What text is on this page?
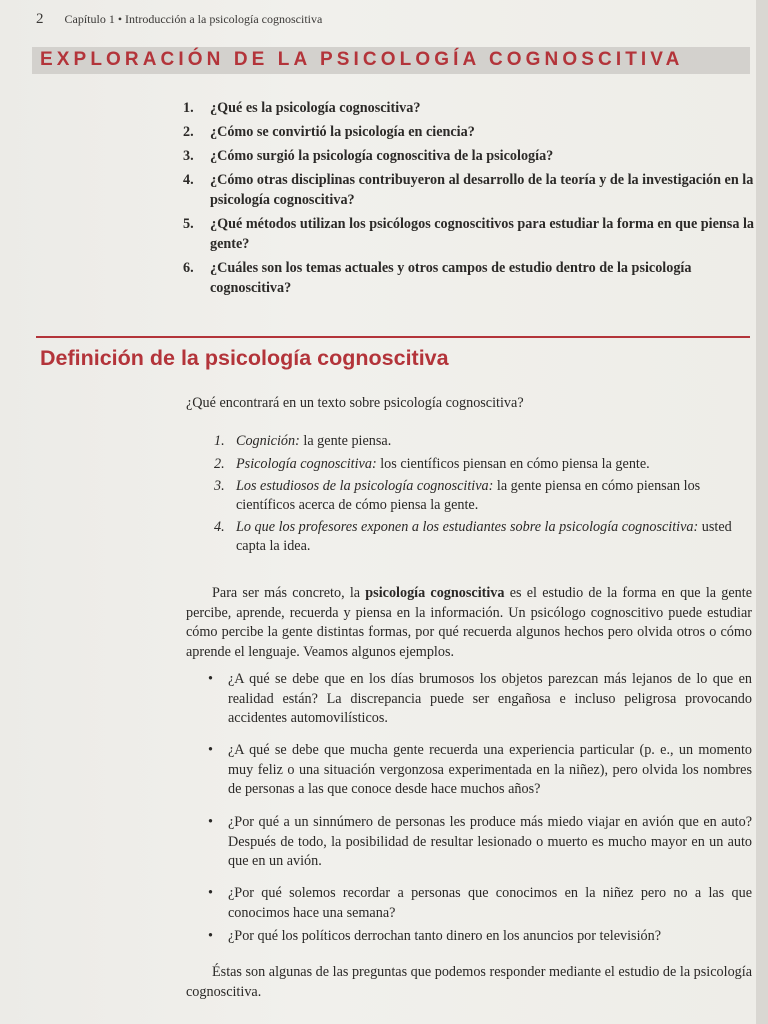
2 Capítulo 1 • Introducción a la psicología cognoscitiva
EXPLORACIÓN DE LA PSICOLOGÍA COGNOSCITIVA
1. ¿Qué es la psicología cognoscitiva?
2. ¿Cómo se convirtió la psicología en ciencia?
3. ¿Cómo surgió la psicología cognoscitiva de la psicología?
4. ¿Cómo otras disciplinas contribuyeron al desarrollo de la teoría y de la investigación en la psicología cognoscitiva?
5. ¿Qué métodos utilizan los psicólogos cognoscitivos para estudiar la forma en que piensa la gente?
6. ¿Cuáles son los temas actuales y otros campos de estudio dentro de la psicología cognoscitiva?
Definición de la psicología cognoscitiva
¿Qué encontrará en un texto sobre psicología cognoscitiva?
1. Cognición: la gente piensa.
2. Psicología cognoscitiva: los científicos piensan en cómo piensa la gente.
3. Los estudiosos de la psicología cognoscitiva: la gente piensa en cómo piensan los científicos acerca de cómo piensa la gente.
4. Lo que los profesores exponen a los estudiantes sobre la psicología cognoscitiva: usted capta la idea.

Para ser más concreto, la psicología cognoscitiva es el estudio de la forma en que la gente percibe, aprende, recuerda y piensa en la información. Un psicólogo cognoscitivo puede estudiar cómo percibe la gente distintas formas, por qué recuerda algunos hechos pero olvida otros o cómo aprende el lenguaje. Veamos algunos ejemplos.

• ¿A qué se debe que en los días brumosos los objetos parezcan más lejanos de lo que en realidad están? La discrepancia puede ser engañosa e incluso peligrosa provocando accidentes automovilísticos.
• ¿A qué se debe que mucha gente recuerda una experiencia particular (p. e., un momento muy feliz o una situación vergonzosa experimentada en la niñez), pero olvida los nombres de personas a las que conoce desde hace muchos años?
• ¿Por qué a un sinnúmero de personas les produce más miedo viajar en avión que en auto? Después de todo, la posibilidad de resultar lesionado o muerto es mucho mayor en un auto que en un avión.
• ¿Por qué solemos recordar a personas que conocimos en la niñez pero no a las que conocimos hace una semana?
• ¿Por qué los políticos derrochan tanto dinero en los anuncios por televisión?

Éstas son algunas de las preguntas que podemos responder mediante el estudio de la psicología cognoscitiva.
